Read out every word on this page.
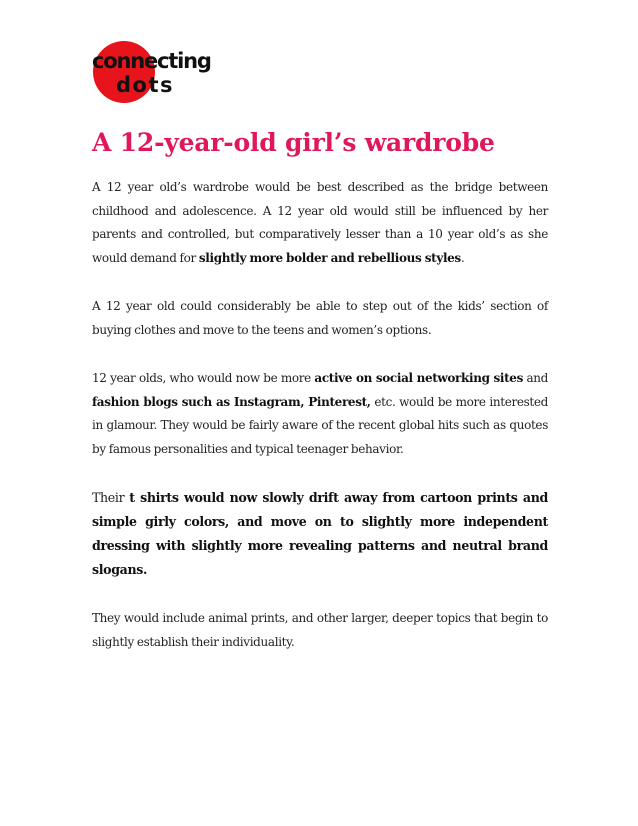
connecting
dots
A 12-year-old girl’s wardrobe

A 12 year old’s wardrobe would be best described as the bridge between childhood and adolescence. A 12 year old would still be influenced by her parents and controlled, but comparatively lesser than a 10 year old’s as she would demand for slightly more bolder and rebellious styles.

A 12 year old could considerably be able to step out of the kids’ section of buying clothes and move to the teens and women’s options.

12 year olds, who would now be more active on social networking sites and fashion blogs such as Instagram, Pinterest, etc. would be more interested in glamour. They would be fairly aware of the recent global hits such as quotes by famous personalities and typical teenager behavior.

Their t shirts would now slowly drift away from cartoon prints and simple girly colors, and move on to slightly more independent dressing with slightly more revealing patterns and neutral brand slogans.

They would include animal prints, and other larger, deeper topics that begin to slightly establish their individuality.
